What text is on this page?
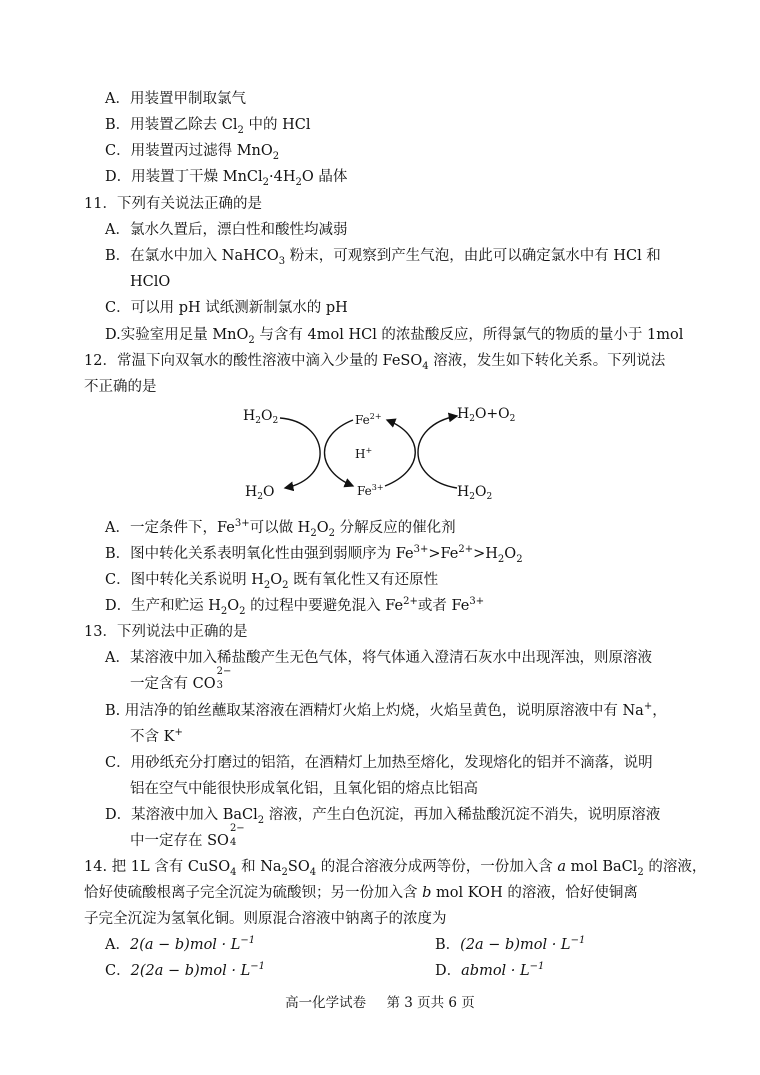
A．用装置甲制取氯气
B．用装置乙除去 $Cl_2$ 中的 HCl
C．用装置丙过滤得 MnO$_2$
D．用装置丁干燥 $MnCl_2\cdot 4H_2O$ 晶体
11．下列有关说法正确的是
A．氯水久置后，漂白性和酸性均减弱
B．在氯水中加入 NaHCO$_3$ 粉末，可观察到产生气泡，由此可以确定氯水中有 HCl 和
HClO
C．可以用 pH 试纸测新制氯水的 pH
D.实验室用足量 MnO$_2$ 与含有 4mol HCl 的浓盐酸反应，所得氯气的物质的量小于 1mol
12．常温下向双氧水的酸性溶液中滴入少量的 FeSO$_4$ 溶液，发生如下转化关系。下列说法
不正确的是
$H_2O_2$
$H_2O$
$Fe^{2+}$
$Fe^{3+}$
H+
$H_2O+O_2$
$H_2O_2$
A．一定条件下，$Fe^{3+}$可以做 $H_2O_2$ 分解反应的催化剂
B．图中转化关系表明氧化性由强到弱顺序为 $Fe^{3+}>Fe^{2+}>H_2O_2$
C．图中转化关系说明 $H_2O_2$ 既有氧化性又有还原性
D．生产和贮运 $H_2O_2$ 的过程中要避免混入 $Fe^{2+}$或者 $Fe^{3+}$
13．下列说法中正确的是
A．某溶液中加入稀盐酸产生无色气体，将气体通入澄清石灰水中出现浑浊，则原溶液
一定含有 CO
2−
3
B. 用洁净的铂丝蘸取某溶液在酒精灯火焰上灼烧，火焰呈黄色，说明原溶液中有 Na+，
不含 K+
C．用砂纸充分打磨过的铝箔，在酒精灯上加热至熔化，发现熔化的铝并不滴落，说明
铝在空气中能很快形成氧化铝，且氧化铝的熔点比铝高
D．某溶液中加入 BaCl$_2$ 溶液，产生白色沉淀，再加入稀盐酸沉淀不消失，说明原溶液
中一定存在 SO
2−
4
14. 把 1L 含有 CuSO$_4$ 和 $Na_2SO_4$ 的混合溶液分成两等份，一份加入含 a mol BaCl$_2$ 的溶液，
恰好使硫酸根离子完全沉淀为硫酸钡；另一份加入含 b mol KOH 的溶液，恰好使铜离
子完全沉淀为氢氧化铜。则原混合溶液中钠离子的浓度为
A．$2(a - b)mol \cdot L^{-1}$	B．$(2a - b)mol \cdot L^{-1}$
C．$2(2a - b)mol \cdot L^{-1}$	D．abmol · $L^{-1}$
高一化学试卷 第 3 页共 6 页
